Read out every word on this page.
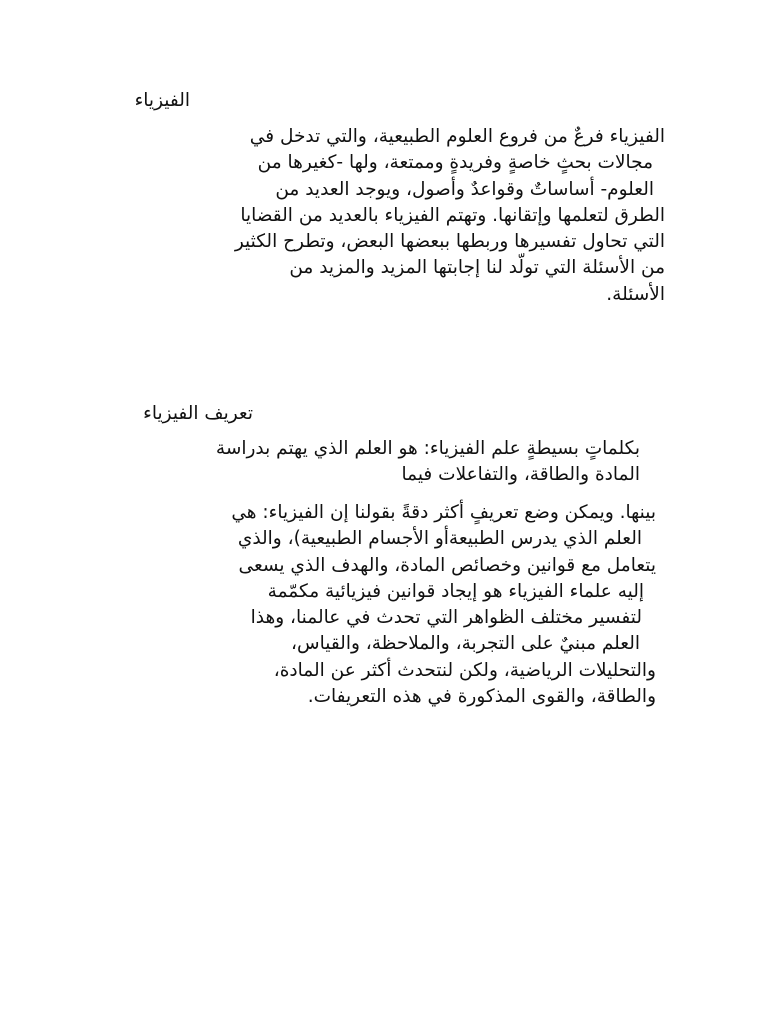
الفيزياء
الفيزياء فرعٌ من فروع العلوم الطبيعية، والتي تدخل في
مجالات بحثٍ خاصةٍ وفريدةٍ وممتعة، ولها -كغيرها من
العلوم- أساساتٌ وقواعدٌ وأصول، ويوجد العديد من
الطرق لتعلمها وإتقانها. وتهتم الفيزياء بالعديد من القضايا
التي تحاول تفسيرها وربطها ببعضها البعض، وتطرح الكثير
من الأسئلة التي تولّد لنا إجابتها المزيد والمزيد من
الأسئلة.
تعريف الفيزياء
بكلماتٍ بسيطةٍ علم الفيزياء: هو العلم الذي يهتم بدراسة
المادة والطاقة، والتفاعلات فيما
بينها. ويمكن وضع تعريفٍ أكثر دقةً بقولنا إن الفيزياء: هي
العلم الذي يدرس الطبيعةأو الأجسام الطبيعية)، والذي
يتعامل مع قوانين وخصائص المادة، والهدف الذي يسعى
إليه علماء الفيزياء هو إيجاد قوانين فيزيائية مكمّمة
لتفسير مختلف الظواهر التي تحدث في عالمنا، وهذا
العلم مبنيٌ على التجربة، والملاحظة، والقياس،
والتحليلات الرياضية، ولكن لنتحدث أكثر عن المادة،
والطاقة، والقوى المذكورة في هذه التعريفات.
